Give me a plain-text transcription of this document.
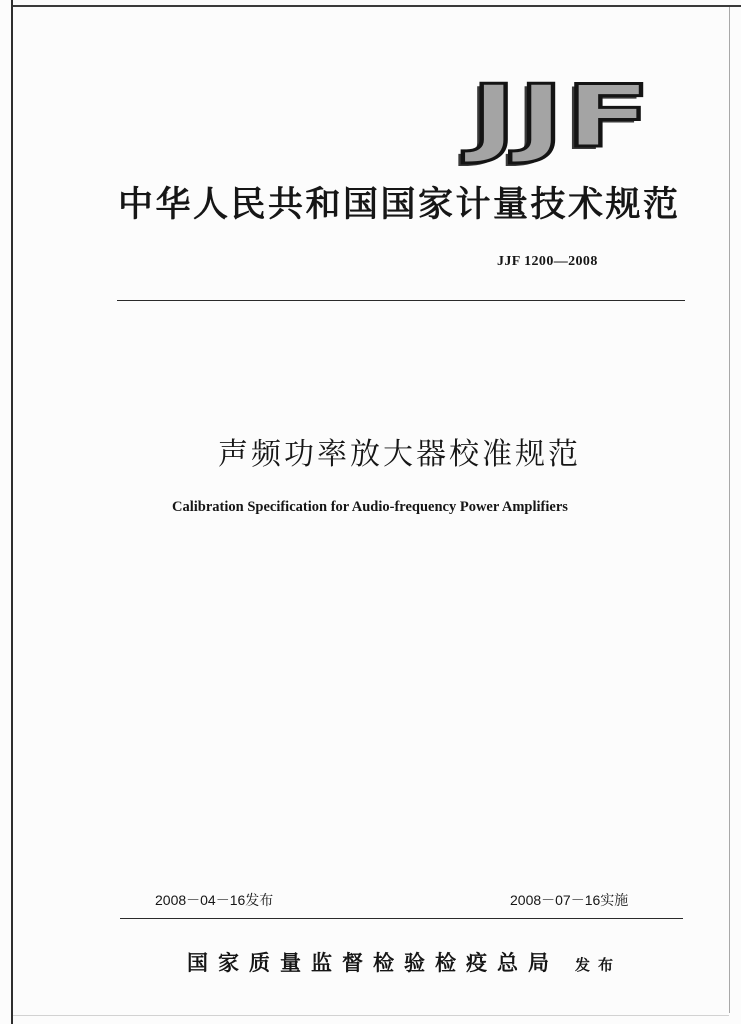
JJF
中华人民共和国国家计量技术规范
JJF 1200—2008
声频功率放大器校准规范
Calibration Specification for Audio-frequency Power Amplifiers
2008－04－16发布	2008－07－16实施
国家质量监督检验检疫总局 发布
